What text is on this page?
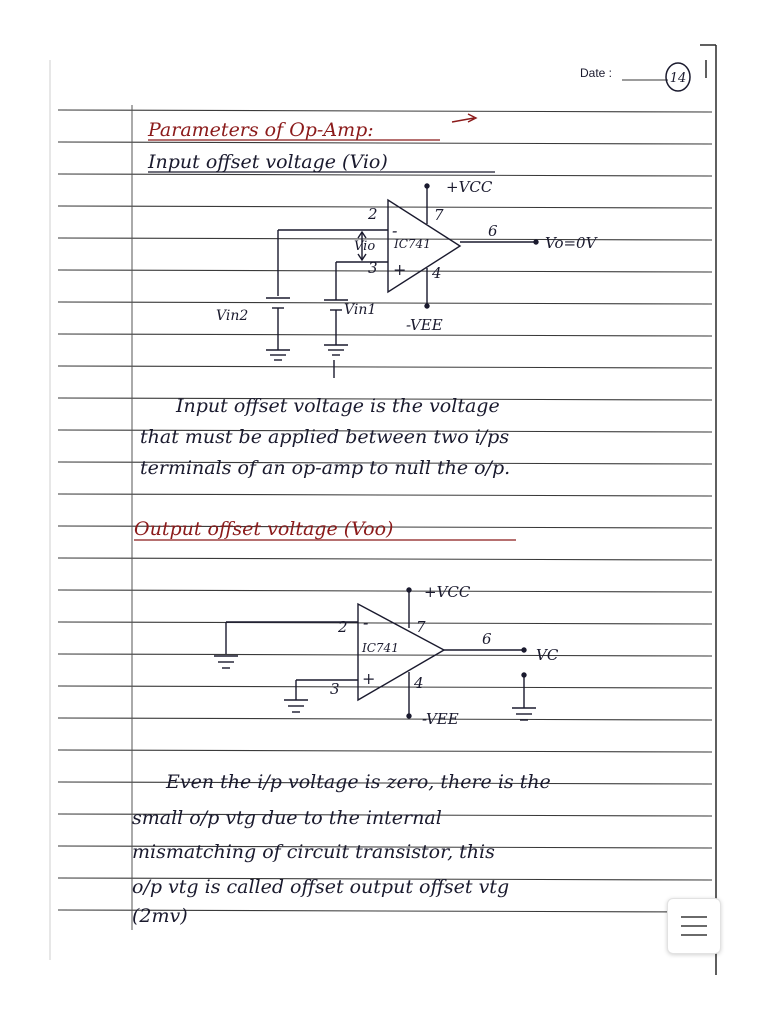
Date :	14
Parameters of Op-Amp:
Input offset voltage (Vio)
+VCC
2	7
-
IC741
6
Vo=0V
Vio
3 + 4
Vin1
Vin2	-VEE
Input offset voltage is the voltage
that must be applied between two i/ps
terminals of an op-amp to null the o/p.
Output offset voltage (Voo)
+VCC
2 -	7
IC741	6
VC
3
+	4
-VEE
Even the i/p voltage is zero, there is the
small o/p vtg due to the internal
mismatching of circuit transistor, this
o/p vtg is called offset output offset vtg
(2mv)
